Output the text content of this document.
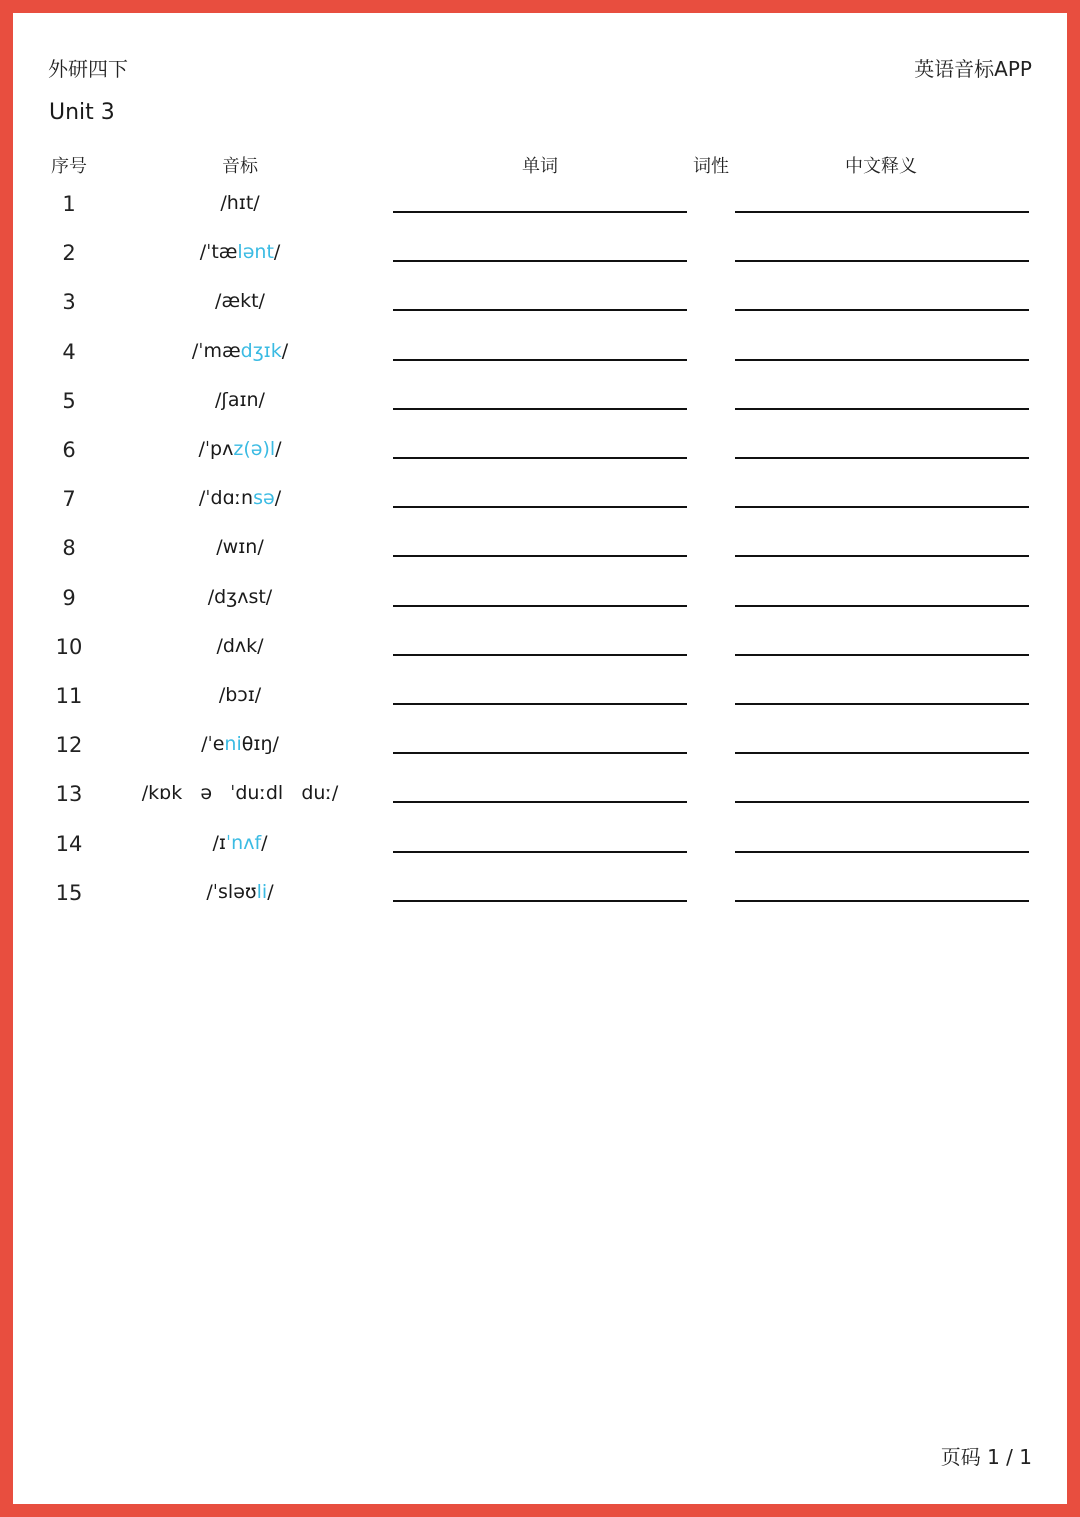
外研四下	英语音标APP
Unit 3
序号	音标	单词	词性	中文释义
1	/hɪt/
2	/ˈtælənt/
3	/ækt/
4	/ˈmædʒɪk/
5	/ʃaɪn/
6	/ˈpʌz(ə)l/
7	/ˈdɑːnsə/
8	/wɪn/
9	/dʒʌst/
10	/dʌk/
11	/bɔɪ/
12	/ˈeniθɪŋ/
13	/kɒk   ə   ˈduːdl   duː/
14	/ɪˈnʌf/
15	/ˈsləʊli/
页码 1 / 1
